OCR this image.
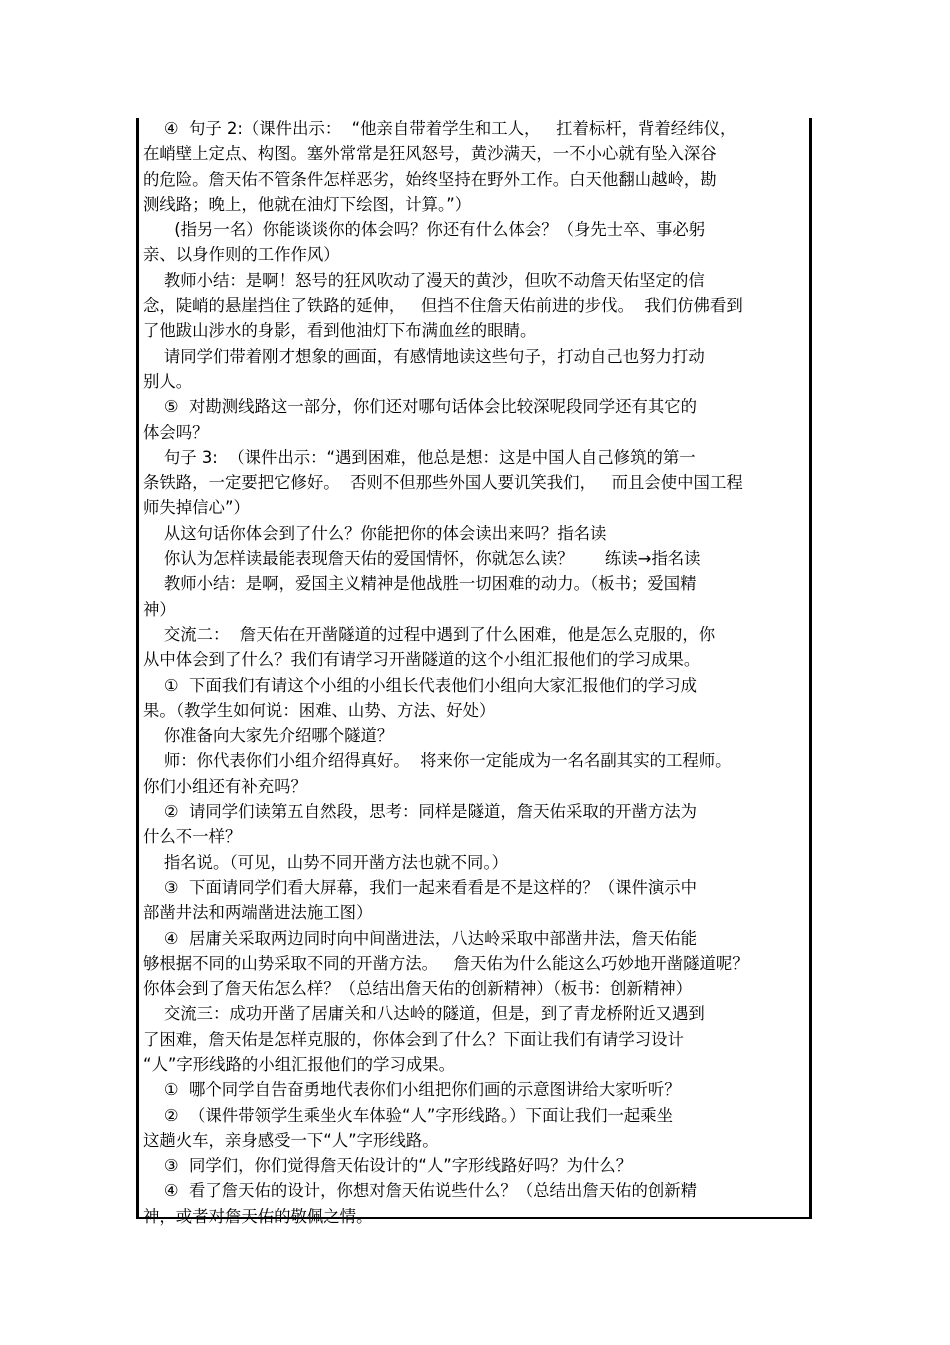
④  句子 2:（课件出示：  “他亲自带着学生和工人，   扛着标杆，背着经纬仪，
在峭壁上定点、构图。塞外常常是狂风怒号，黄沙满天，一不小心就有坠入深谷
的危险。詹天佑不管条件怎样恶劣，始终坚持在野外工作。白天他翻山越岭，勘
测线路；晚上，他就在油灯下绘图，计算。”）
(指另一名）你能谈谈你的体会吗？你还有什么体会？（身先士卒、事必躬
亲、以身作则的工作作风）
教师小结：是啊！怒号的狂风吹动了漫天的黄沙，但吹不动詹天佑坚定的信
念，陡峭的悬崖挡住了铁路的延伸，   但挡不住詹天佑前进的步伐。  我们仿佛看到
了他跋山涉水的身影，看到他油灯下布满血丝的眼睛。
请同学们带着刚才想象的画面，有感情地读这些句子，打动自己也努力打动
别人。
⑤  对勘测线路这一部分，你们还对哪句话体会比较深呢段同学还有其它的
体会吗？
句子 3:  （课件出示：“遇到困难，他总是想：这是中国人自己修筑的第一
条铁路，一定要把它修好。  否则不但那些外国人要讥笑我们，   而且会使中国工程
师失掉信心”）
从这句话你体会到了什么？你能把你的体会读出来吗？指名读
你认为怎样读最能表现詹天佑的爱国情怀，你就怎么读？      练读→指名读
教师小结：是啊，爱国主义精神是他战胜一切困难的动力。（板书；爱国精
神）
交流二：  詹天佑在开凿隧道的过程中遇到了什么困难，他是怎么克服的，你
从中体会到了什么？我们有请学习开凿隧道的这个小组汇报他们的学习成果。
①  下面我们有请这个小组的小组长代表他们小组向大家汇报他们的学习成
果。（教学生如何说：困难、山势、方法、好处）
你准备向大家先介绍哪个隧道？
师：你代表你们小组介绍得真好。  将来你一定能成为一名名副其实的工程师。
你们小组还有补充吗？
②  请同学们读第五自然段，思考：同样是隧道，詹天佑采取的开凿方法为
什么不一样？
指名说。（可见，山势不同开凿方法也就不同。）
③  下面请同学们看大屏幕，我们一起来看看是不是这样的？（课件演示中
部凿井法和两端凿进法施工图）
④  居庸关采取两边同时向中间凿进法，八达岭采取中部凿井法，詹天佑能
够根据不同的山势采取不同的开凿方法。   詹天佑为什么能这么巧妙地开凿隧道呢？
你体会到了詹天佑怎么样？（总结出詹天佑的创新精神）（板书：创新精神）
交流三：成功开凿了居庸关和八达岭的隧道，但是，到了青龙桥附近又遇到
了困难，詹天佑是怎样克服的，你体会到了什么？下面让我们有请学习设计
“人”字形线路的小组汇报他们的学习成果。
①  哪个同学自告奋勇地代表你们小组把你们画的示意图讲给大家听听？
②  （课件带领学生乘坐火车体验“人”字形线路。）下面让我们一起乘坐
这趟火车，亲身感受一下“人”字形线路。
③  同学们，你们觉得詹天佑设计的“人”字形线路好吗？为什么？
④  看了詹天佑的设计，你想对詹天佑说些什么？（总结出詹天佑的创新精
神，或者对詹天佑的敬佩之情。
